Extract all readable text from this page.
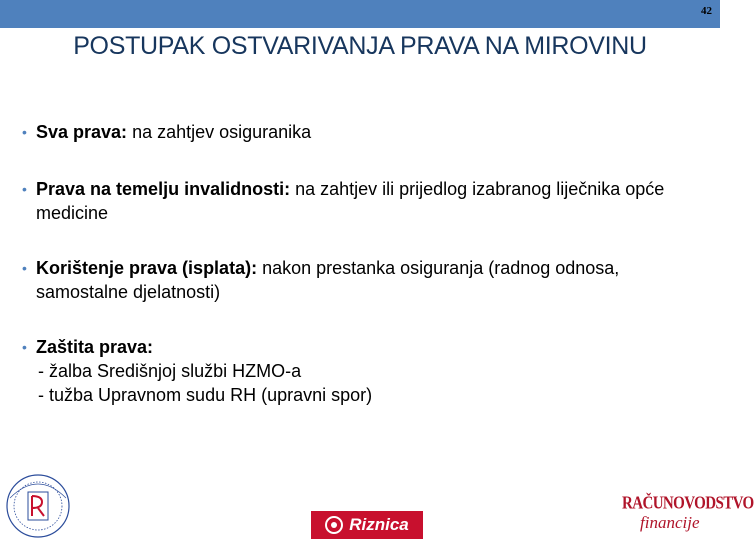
42
POSTUPAK OSTVARIVANJA PRAVA NA MIROVINU
• Sva prava: na zahtjev osiguranika
• Prava na temelju invalidnosti: na zahtjev ili prijedlog izabranog liječnika opće medicine
• Korištenje prava (isplata): nakon prestanka osiguranja (radnog odnosa, samostalne djelatnosti)
• Zaštita prava:
- žalba Središnjoj službi HZMO-a
- tužba Upravnom sudu RH (upravni spor)
Riznica
RAČUNOVODSTVO
financije
